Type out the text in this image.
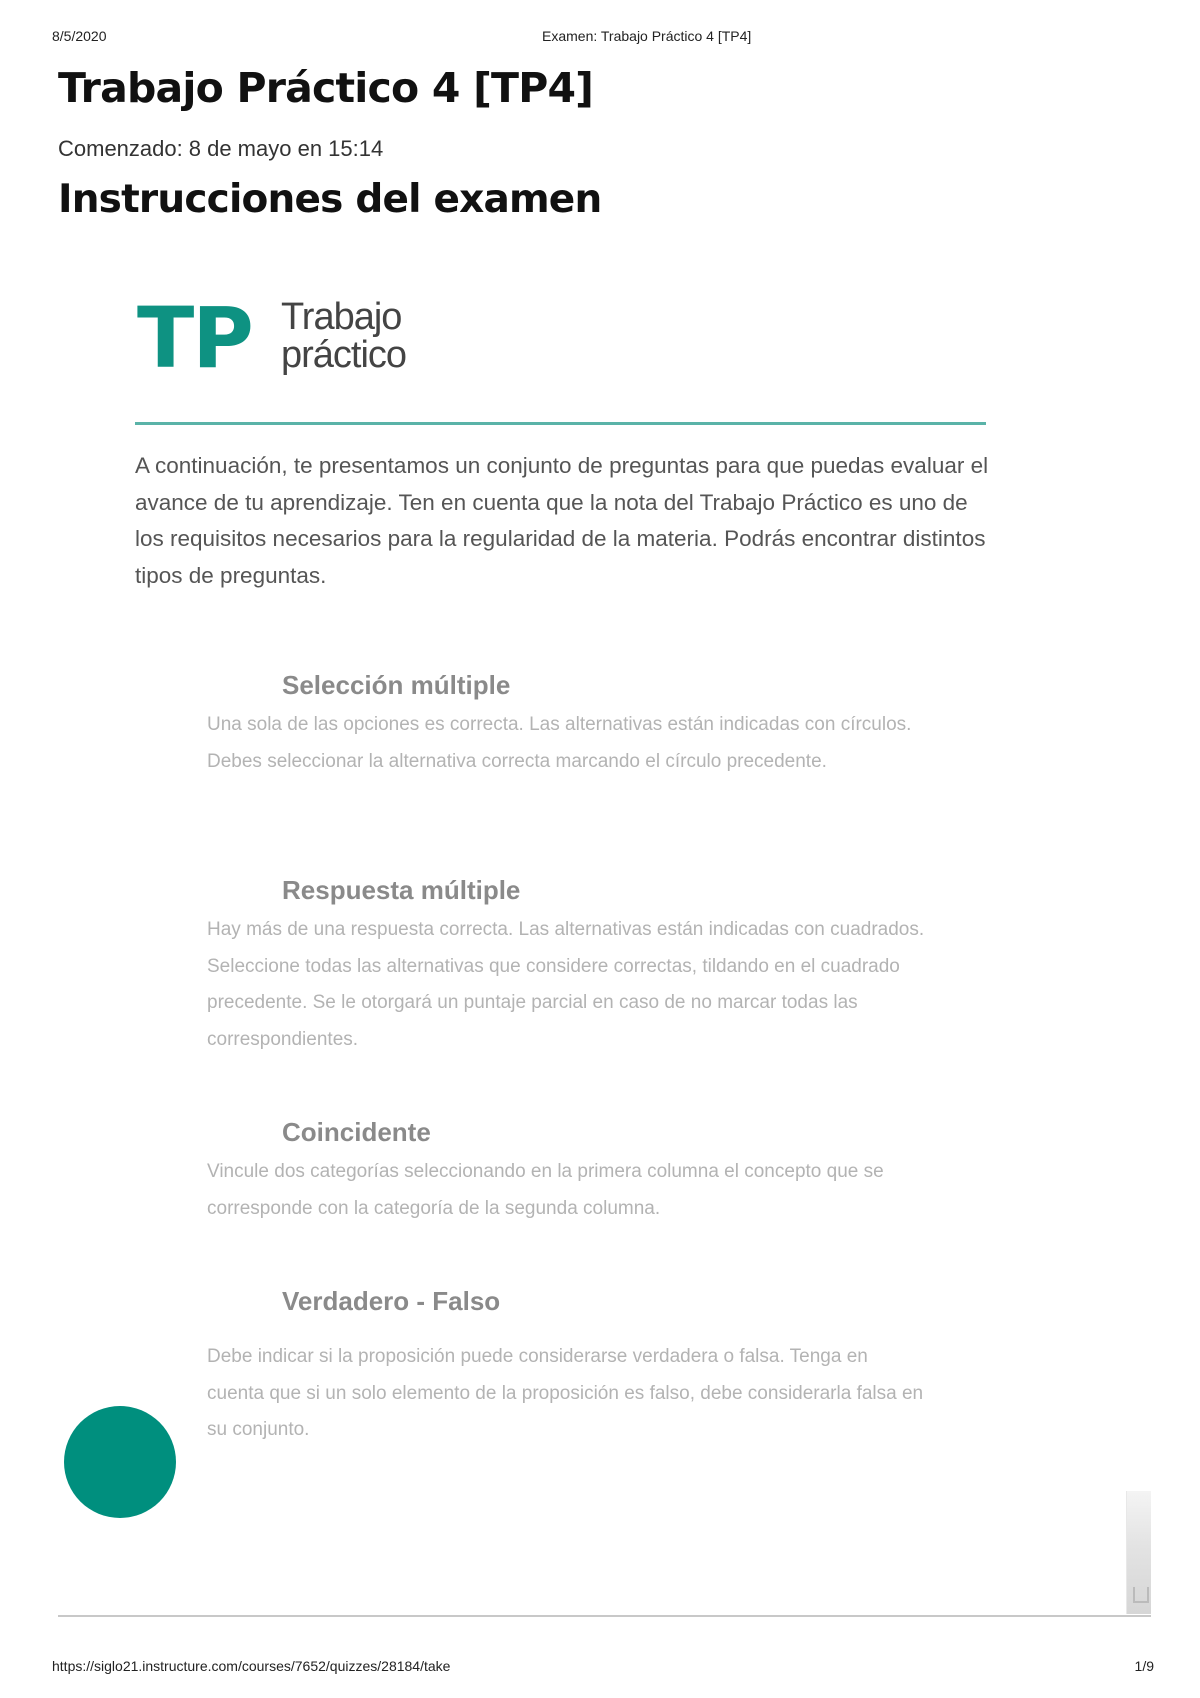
8/5/2020	Examen: Trabajo Práctico 4 [TP4]
Trabajo Práctico 4 [TP4]
Comenzado: 8 de mayo en 15:14
Instrucciones del examen
TP Trabajo
práctico

A continuación, te presentamos un conjunto de preguntas para que puedas evaluar el avance de tu aprendizaje. Ten en cuenta que la nota del Trabajo Práctico es uno de los requisitos necesarios para la regularidad de la materia. Podrás encontrar distintos tipos de preguntas.

Selección múltiple

Una sola de las opciones es correcta. Las alternativas están indicadas con círculos. Debes seleccionar la alternativa correcta marcando el círculo precedente.

Respuesta múltiple

Hay más de una respuesta correcta. Las alternativas están indicadas con cuadrados. Seleccione todas las alternativas que considere correctas, tildando en el cuadrado precedente. Se le otorgará un puntaje parcial en caso de no marcar todas las correspondientes.

Coincidente

Vincule dos categorías seleccionando en la primera columna el concepto que se corresponde con la categoría de la segunda columna.

Verdadero - Falso

Debe indicar si la proposición puede considerarse verdadera o falsa. Tenga en cuenta que si un solo elemento de la proposición es falso, debe considerarla falsa en su conjunto.

https://siglo21.instructure.com/courses/7652/quizzes/28184/take	1/9
